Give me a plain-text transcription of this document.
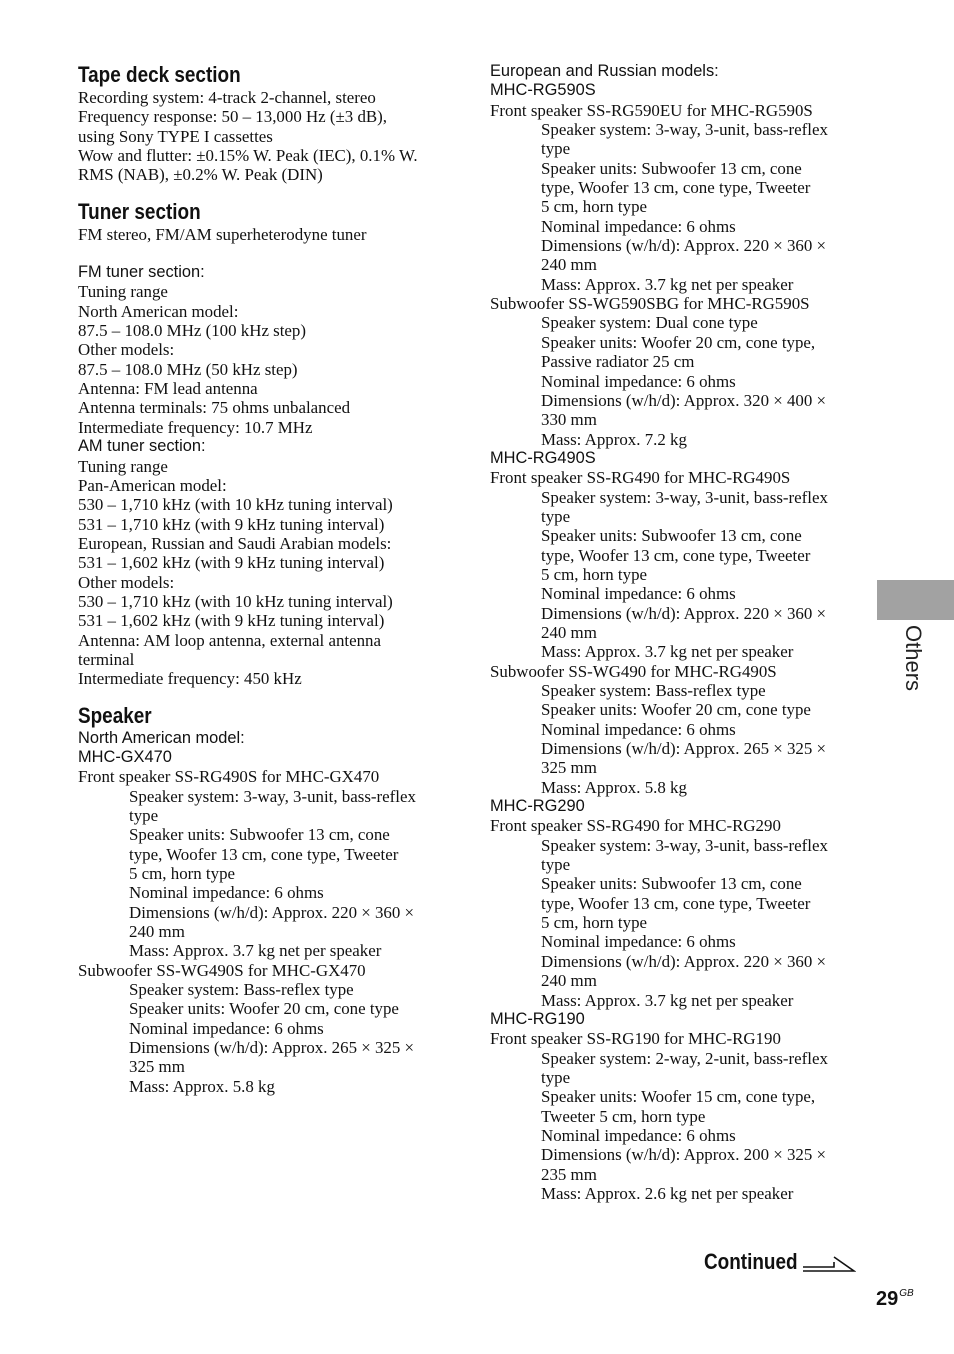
Tape deck section
Recording system: 4-track 2-channel, stereo
Frequency response: 50 – 13,000 Hz (±3 dB),
using Sony TYPE I cassettes
Wow and flutter: ±0.15% W. Peak (IEC), 0.1% W.
RMS (NAB), ±0.2% W. Peak (DIN)
Tuner section
FM stereo, FM/AM superheterodyne tuner
FM tuner section:
Tuning range
North American model:
87.5 – 108.0 MHz (100 kHz step)
Other models:
87.5 – 108.0 MHz (50 kHz step)
Antenna: FM lead antenna
Antenna terminals: 75 ohms unbalanced
Intermediate frequency: 10.7 MHz
AM tuner section:
Tuning range
Pan-American model:
530 – 1,710 kHz (with 10 kHz tuning interval)
531 – 1,710 kHz (with 9 kHz tuning interval)
European, Russian and Saudi Arabian models:
531 – 1,602 kHz (with 9 kHz tuning interval)
Other models:
530 – 1,710 kHz (with 10 kHz tuning interval)
531 – 1,602 kHz (with 9 kHz tuning interval)
Antenna: AM loop antenna, external antenna
terminal
Intermediate frequency: 450 kHz
Speaker
North American model:
MHC-GX470
Front speaker SS-RG490S for MHC-GX470
Speaker system: 3-way, 3-unit, bass-reflex
type
Speaker units: Subwoofer 13 cm, cone
type, Woofer 13 cm, cone type, Tweeter
5 cm, horn type
Nominal impedance: 6 ohms
Dimensions (w/h/d): Approx. 220 × 360 ×
240 mm
Mass: Approx. 3.7 kg net per speaker
Subwoofer SS-WG490S for MHC-GX470
Speaker system: Bass-reflex type
Speaker units: Woofer 20 cm, cone type
Nominal impedance: 6 ohms
Dimensions (w/h/d): Approx. 265 × 325 ×
325 mm
Mass: Approx. 5.8 kg
European and Russian models:
MHC-RG590S
Front speaker SS-RG590EU for MHC-RG590S
Speaker system: 3-way, 3-unit, bass-reflex
type
Speaker units: Subwoofer 13 cm, cone
type, Woofer 13 cm, cone type, Tweeter
5 cm, horn type
Nominal impedance: 6 ohms
Dimensions (w/h/d): Approx. 220 × 360 ×
240 mm
Mass: Approx. 3.7 kg net per speaker
Subwoofer SS-WG590SBG for MHC-RG590S
Speaker system: Dual cone type
Speaker units: Woofer 20 cm, cone type,
Passive radiator 25 cm
Nominal impedance: 6 ohms
Dimensions (w/h/d): Approx. 320 × 400 ×
330 mm
Mass: Approx. 7.2 kg
MHC-RG490S
Front speaker SS-RG490 for MHC-RG490S
Speaker system: 3-way, 3-unit, bass-reflex
type
Speaker units: Subwoofer 13 cm, cone
type, Woofer 13 cm, cone type, Tweeter
5 cm, horn type
Nominal impedance: 6 ohms
Dimensions (w/h/d): Approx. 220 × 360 ×
240 mm
Mass: Approx. 3.7 kg net per speaker
Subwoofer SS-WG490 for MHC-RG490S
Speaker system: Bass-reflex type
Speaker units: Woofer 20 cm, cone type
Nominal impedance: 6 ohms
Dimensions (w/h/d): Approx. 265 × 325 ×
325 mm
Mass: Approx. 5.8 kg
MHC-RG290
Front speaker SS-RG490 for MHC-RG290
Speaker system: 3-way, 3-unit, bass-reflex
type
Speaker units: Subwoofer 13 cm, cone
type, Woofer 13 cm, cone type, Tweeter
5 cm, horn type
Nominal impedance: 6 ohms
Dimensions (w/h/d): Approx. 220 × 360 ×
240 mm
Mass: Approx. 3.7 kg net per speaker
MHC-RG190
Front speaker SS-RG190 for MHC-RG190
Speaker system: 2-way, 2-unit, bass-reflex
type
Speaker units: Woofer 15 cm, cone type,
Tweeter 5 cm, horn type
Nominal impedance: 6 ohms
Dimensions (w/h/d): Approx. 200 × 325 ×
235 mm
Mass: Approx. 2.6 kg net per speaker
Others
Continued
$29^{GB}$
